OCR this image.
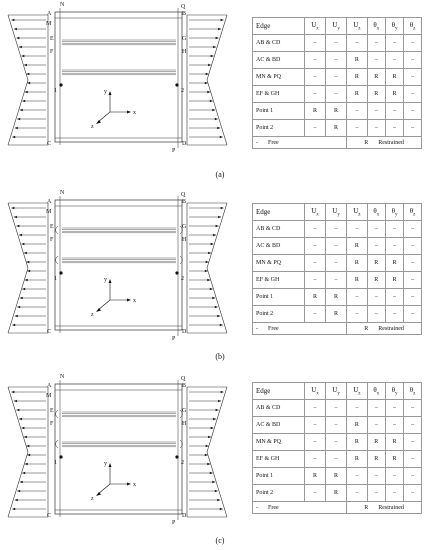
A	B
C	D
M
N
P
Q
E
F
G
H
1	2
x
y
z
Edge	$U_x$	$U_y$	$U_z$	$\theta_x$	$\theta_y$	$\theta_z$
AB & CD	–	–	–	–	–	–
AC & BD	–	–	R	–	–	–
MN & PQ	–	–	R	R	R	–
EF & GH	–	–	R	R	R	–
Point 1	R	R	–	–	–	–
Point 2	–	R	–	–	–	–
- Free			R Restrained			
(a)
A	B
C	D
M
N
P
Q
E
F
G
H
1	2
x
y
z
Edge	$U_x$	$U_y$	$U_z$	$\theta_x$	$\theta_y$	$\theta_z$
AB & CD	–	–	–	–	–	–
AC & BD	–	–	R	–	–	–
MN & PQ	–	–	R	R	R	–
EF & GH	–	–	R	R	R	–
Point 1	R	R	–	–	–	–
Point 2	–	R	–	–	–	–
- Free			R Restrained			
(b)
A	B
C	D
M
N
P
Q
E
F
G
H
1	2
x
y
z
Edge	$U_x$	$U_y$	$U_z$	$\theta_x$	$\theta_y$	$\theta_z$
AB & CD	–	–	–	–	–	–
AC & BD	–	–	R	–	–	–
MN & PQ	–	–	R	R	R	–
EF & GH	–	–	R	R	R	–
Point 1	R	R	–	–	–	–
Point 2	–	R	–	–	–	–
- Free			R Restrained			
(c)
